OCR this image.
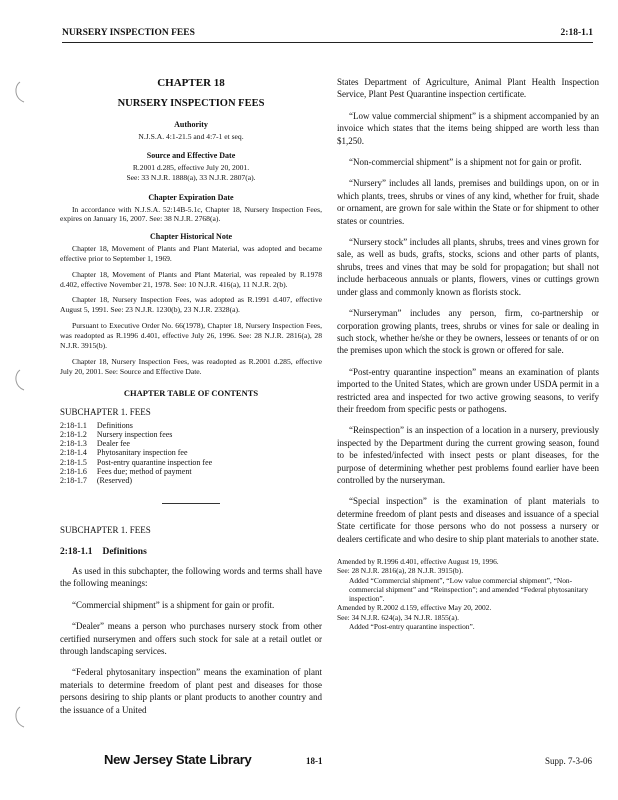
NURSERY INSPECTION FEES	2:18-1.1
CHAPTER 18
NURSERY INSPECTION FEES
Authority
N.J.S.A. 4:1-21.5 and 4:7-1 et seq.
Source and Effective Date
R.2001 d.285, effective July 20, 2001.
See: 33 N.J.R. 1888(a), 33 N.J.R. 2807(a).
Chapter Expiration Date
In accordance with N.J.S.A. 52:14B-5.1c, Chapter 18, Nursery Inspection Fees, expires on January 16, 2007. See: 38 N.J.R. 2768(a).
Chapter Historical Note
Chapter 18, Movement of Plants and Plant Material, was adopted and became effective prior to September 1, 1969.
Chapter 18, Movement of Plants and Plant Material, was repealed by R.1978 d.402, effective November 21, 1978. See: 10 N.J.R. 416(a), 11 N.J.R. 2(b).
Chapter 18, Nursery Inspection Fees, was adopted as R.1991 d.407, effective August 5, 1991. See: 23 N.J.R. 1230(b), 23 N.J.R. 2328(a).
Pursuant to Executive Order No. 66(1978), Chapter 18, Nursery Inspection Fees, was readopted as R.1996 d.401, effective July 26, 1996. See: 28 N.J.R. 2816(a), 28 N.J.R. 3915(b).
Chapter 18, Nursery Inspection Fees, was readopted as R.2001 d.285, effective July 20, 2001. See: Source and Effective Date.
CHAPTER TABLE OF CONTENTS
SUBCHAPTER 1. FEES
2:18-1.1	Definitions
2:18-1.2	Nursery inspection fees
2:18-1.3	Dealer fee
2:18-1.4	Phytosanitary inspection fee
2:18-1.5	Post-entry quarantine inspection fee
2:18-1.6	Fees due; method of payment
2:18-1.7	(Reserved)
SUBCHAPTER 1. FEES
2:18-1.1 Definitions

As used in this subchapter, the following words and terms shall have the following meanings:

“Commercial shipment” is a shipment for gain or profit.

“Dealer” means a person who purchases nursery stock from other certified nurserymen and offers such stock for sale at a retail outlet or through landscaping services.

“Federal phytosanitary inspection” means the examination of plant materials to determine freedom of plant pest and diseases for those persons desiring to ship plants or plant products to another country and the issuance of a United

States Department of Agriculture, Animal Plant Health Inspection Service, Plant Pest Quarantine inspection certificate.

“Low value commercial shipment” is a shipment accompanied by an invoice which states that the items being shipped are worth less than $1,250.

“Non-commercial shipment” is a shipment not for gain or profit.

“Nursery” includes all lands, premises and buildings upon, on or in which plants, trees, shrubs or vines of any kind, whether for fruit, shade or ornament, are grown for sale within the State or for shipment to other states or countries.

“Nursery stock” includes all plants, shrubs, trees and vines grown for sale, as well as buds, grafts, stocks, scions and other parts of plants, shrubs, trees and vines that may be sold for propagation; but shall not include herbaceous annuals or plants, flowers, vines or cuttings grown under glass and commonly known as florists stock.

“Nurseryman” includes any person, firm, co-partnership or corporation growing plants, trees, shrubs or vines for sale or dealing in such stock, whether he/she or they be owners, lessees or tenants of or on the premises upon which the stock is grown or offered for sale.

“Post-entry quarantine inspection” means an examination of plants imported to the United States, which are grown under USDA permit in a restricted area and inspected for two active growing seasons, to verify their freedom from specific pests or pathogens.

“Reinspection” is an inspection of a location in a nursery, previously inspected by the Department during the current growing season, found to be infested/infected with insect pests or plant diseases, for the purpose of determining whether pest problems found earlier have been controlled by the nurseryman.

“Special inspection” is the examination of plant materials to determine freedom of plant pests and diseases and issuance of a special State certificate for those persons who do not possess a nursery or dealers certificate and who desire to ship plant materials to another state.

Amended by R.1996 d.401, effective August 19, 1996.
See: 28 N.J.R. 2816(a), 28 N.J.R. 3915(b).
Added “Commercial shipment”, “Low value commercial shipment”, “Non-commercial shipment” and “Reinspection”; and amended “Federal phytosanitary inspection”.
Amended by R.2002 d.159, effective May 20, 2002.
See: 34 N.J.R. 624(a), 34 N.J.R. 1855(a).
Added “Post-entry quarantine inspection”.
New Jersey State Library	18-1	Supp. 7-3-06
